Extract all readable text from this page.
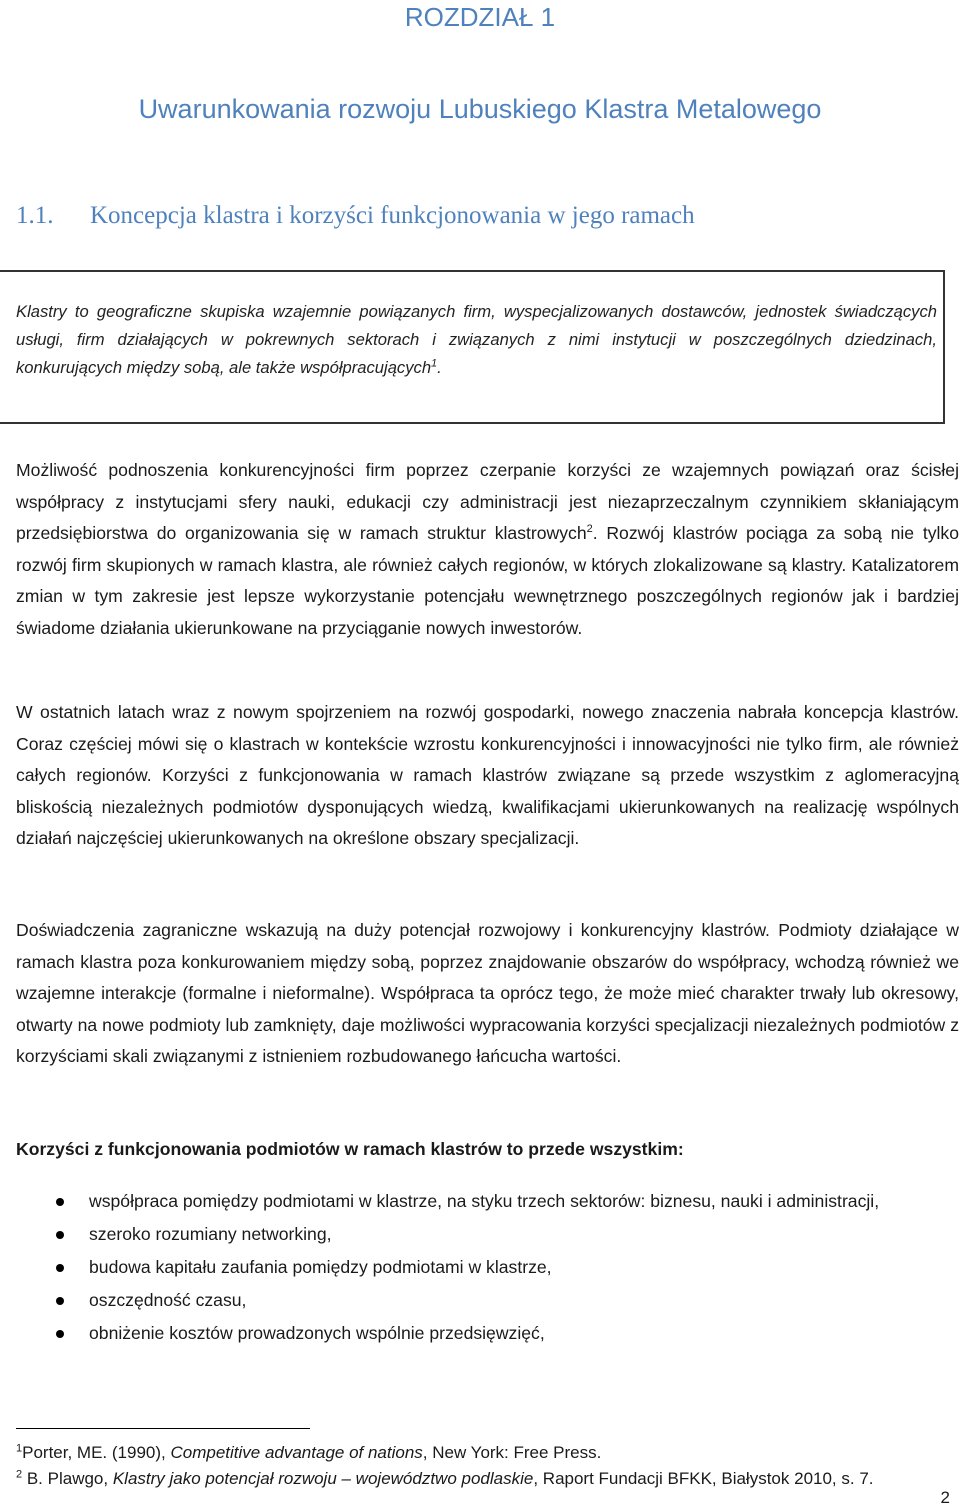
ROZDZIAŁ 1
Uwarunkowania rozwoju Lubuskiego Klastra Metalowego
1.1. Koncepcja klastra i korzyści funkcjonowania w jego ramach

Klastry to geograficzne skupiska wzajemnie powiązanych firm, wyspecjalizowanych dostawców, jednostek świadczących usługi, firm działających w pokrewnych sektorach i związanych z nimi instytucji w poszczególnych dziedzinach, konkurujących między sobą, ale także współpracujących$^1$.

Możliwość podnoszenia konkurencyjności firm poprzez czerpanie korzyści ze wzajemnych powiązań oraz ścisłej współpracy z instytucjami sfery nauki, edukacji czy administracji jest niezaprzeczalnym czynnikiem skłaniającym przedsiębiorstwa do organizowania się w ramach struktur klastrowych$^2$. Rozwój klastrów pociąga za sobą nie tylko rozwój firm skupionych w ramach klastra, ale również całych regionów, w których zlokalizowane są klastry. Katalizatorem zmian w tym zakresie jest lepsze wykorzystanie potencjału wewnętrznego poszczególnych regionów jak i bardziej świadome działania ukierunkowane na przyciąganie nowych inwestorów.

W ostatnich latach wraz z nowym spojrzeniem na rozwój gospodarki, nowego znaczenia nabrała koncepcja klastrów. Coraz częściej mówi się o klastrach w kontekście wzrostu konkurencyjności i innowacyjności nie tylko firm, ale również całych regionów. Korzyści z funkcjonowania w ramach klastrów związane są przede wszystkim z aglomeracyjną bliskością niezależnych podmiotów dysponujących wiedzą, kwalifikacjami ukierunkowanych na realizację wspólnych działań najczęściej ukierunkowanych na określone obszary specjalizacji.

Doświadczenia zagraniczne wskazują na duży potencjał rozwojowy i konkurencyjny klastrów. Podmioty działające w ramach klastra poza konkurowaniem między sobą, poprzez znajdowanie obszarów do współpracy, wchodzą również we wzajemne interakcje (formalne i nieformalne). Współpraca ta oprócz tego, że może mieć charakter trwały lub okresowy, otwarty na nowe podmioty lub zamknięty, daje możliwości wypracowania korzyści specjalizacji niezależnych podmiotów z korzyściami skali związanymi z istnieniem rozbudowanego łańcucha wartości.

Korzyści z funkcjonowania podmiotów w ramach klastrów to przede wszystkim:

współpraca pomiędzy podmiotami w klastrze, na styku trzech sektorów: biznesu, nauki i administracji,
szeroko rozumiany networking,
budowa kapitału zaufania pomiędzy podmiotami w klastrze,
oszczędność czasu,
obniżenie kosztów prowadzonych wspólnie przedsięwzięć,

$^1$Porter, ME. (1990), Competitive advantage of nations, New York: Free Press.

$^2$ B. Plawgo, Klastry jako potencjał rozwoju – województwo podlaskie, Raport Fundacji BFKK, Białystok 2010, s. 7.

2
